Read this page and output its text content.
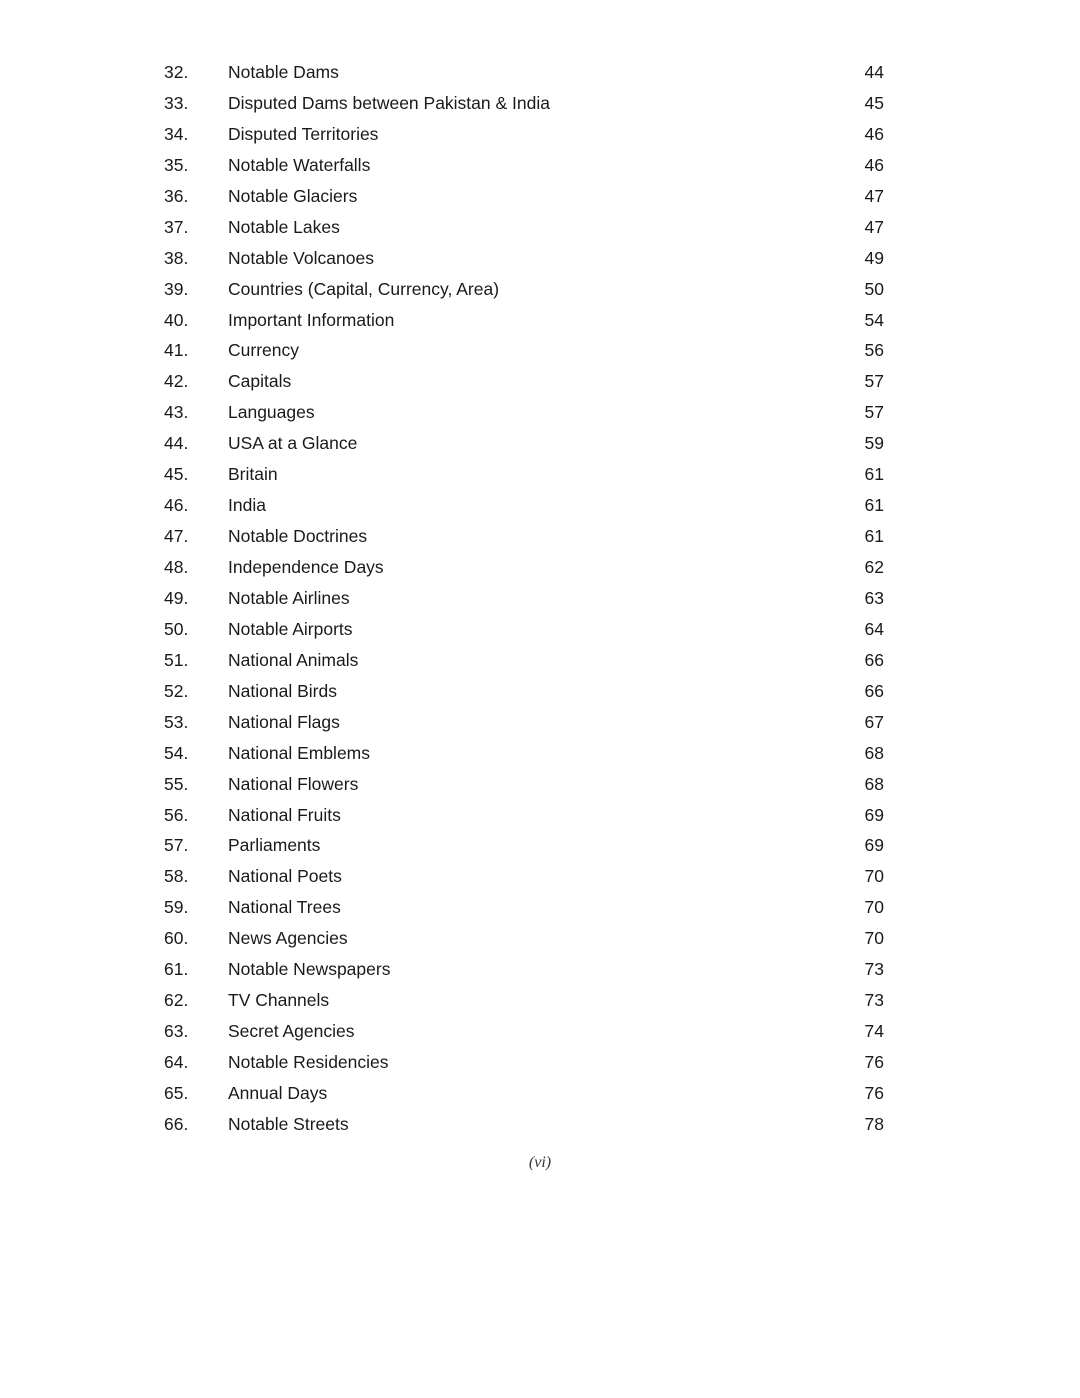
32. Notable Dams	44
33. Disputed Dams between Pakistan & India	45
34. Disputed Territories	46
35. Notable Waterfalls	46
36. Notable Glaciers	47
37. Notable Lakes	47
38. Notable Volcanoes	49
39. Countries (Capital, Currency, Area)	50
40. Important Information	54
41. Currency	56
42. Capitals	57
43. Languages	57
44. USA at a Glance	59
45. Britain	61
46. India	61
47. Notable Doctrines	61
48. Independence Days	62
49. Notable Airlines	63
50. Notable Airports	64
51. National Animals	66
52. National Birds	66
53. National Flags	67
54. National Emblems	68
55. National Flowers	68
56. National Fruits	69
57. Parliaments	69
58. National Poets	70
59. National Trees	70
60. News Agencies	70
61. Notable Newspapers	73
62. TV Channels	73
63. Secret Agencies	74
64. Notable Residencies	76
65. Annual Days	76
66. Notable Streets	78
(vi)
